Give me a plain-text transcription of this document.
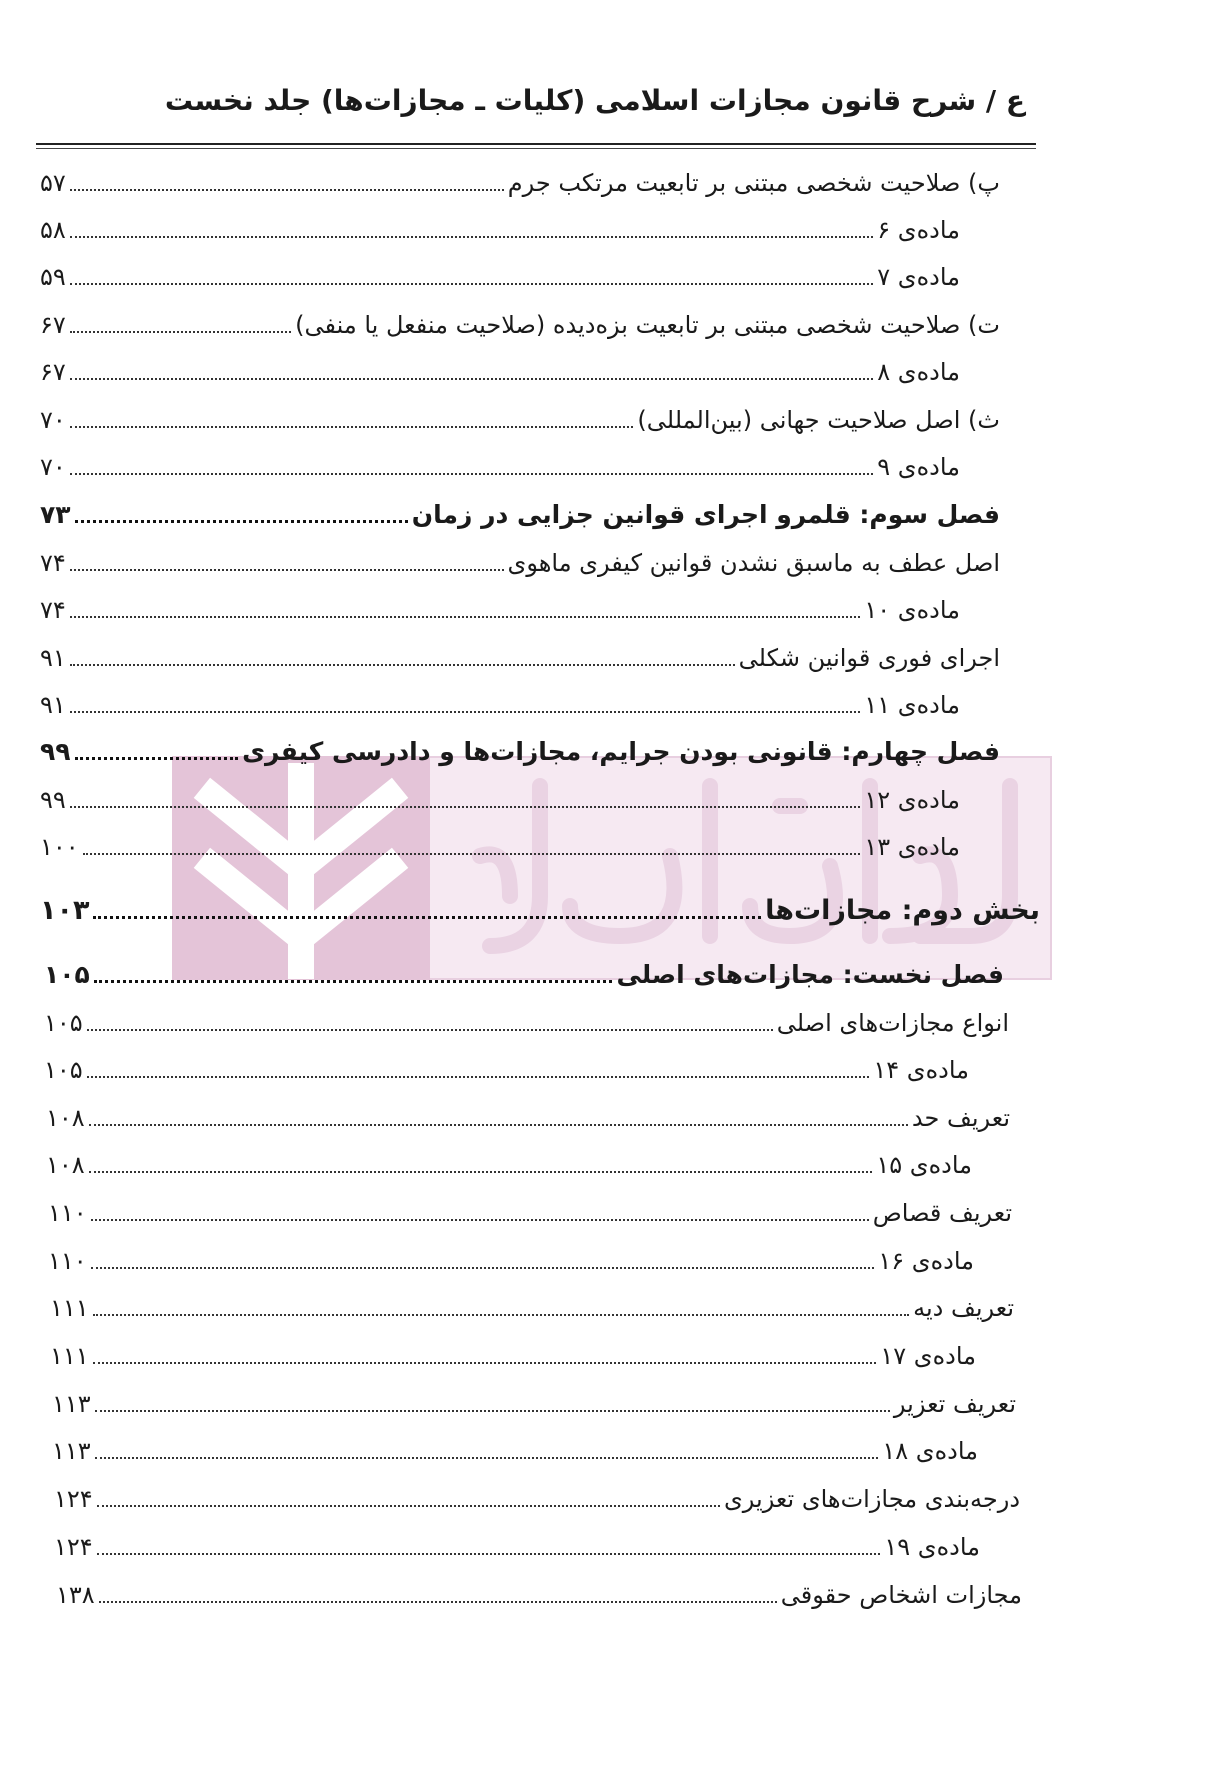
ع / شرح قانون مجازات اسلامی (کلیات ـ مجازات‌ها) جلد نخست
۵۷	پ) صلاحیت شخصی مبتنی بر تابعیت مرتکب جرم
۵۸	ماده‌ی ۶
۵۹	ماده‌ی ۷
۶۷	ت) صلاحیت شخصی مبتنی بر تابعیت بزه‌دیده (صلاحیت منفعل یا منفی)
۶۷	ماده‌ی ۸
۷۰	ث) اصل صلاحیت جهانی (بین‌المللی)
۷۰	ماده‌ی ۹
۷۳	فصل سوم: قلمرو اجرای قوانین جزایی در زمان
۷۴	اصل عطف به ماسبق نشدن قوانین کیفری ماهوی
۷۴	ماده‌ی ۱۰
۹۱	اجرای فوری قوانین شکلی
۹۱	ماده‌ی ۱۱
۹۹	فصل چهارم: قانونی بودن جرایم، مجازات‌ها و دادرسی کیفری
۹۹	ماده‌ی ۱۲
۱۰۰	ماده‌ی ۱۳
۱۰۳	بخش دوم: مجازات‌ها
۱۰۵	فصل نخست: مجازات‌های اصلی
۱۰۵	انواع مجازات‌های اصلی
۱۰۵	ماده‌ی ۱۴
۱۰۸	تعریف حد
۱۰۸	ماده‌ی ۱۵
۱۱۰	تعریف قصاص
۱۱۰	ماده‌ی ۱۶
۱۱۱	تعریف دیه
۱۱۱	ماده‌ی ۱۷
۱۱۳	تعریف تعزیر
۱۱۳	ماده‌ی ۱۸
۱۲۴	درجه‌بندی مجازات‌های تعزیری
۱۲۴	ماده‌ی ۱۹
۱۳۸	مجازات اشخاص حقوقی
